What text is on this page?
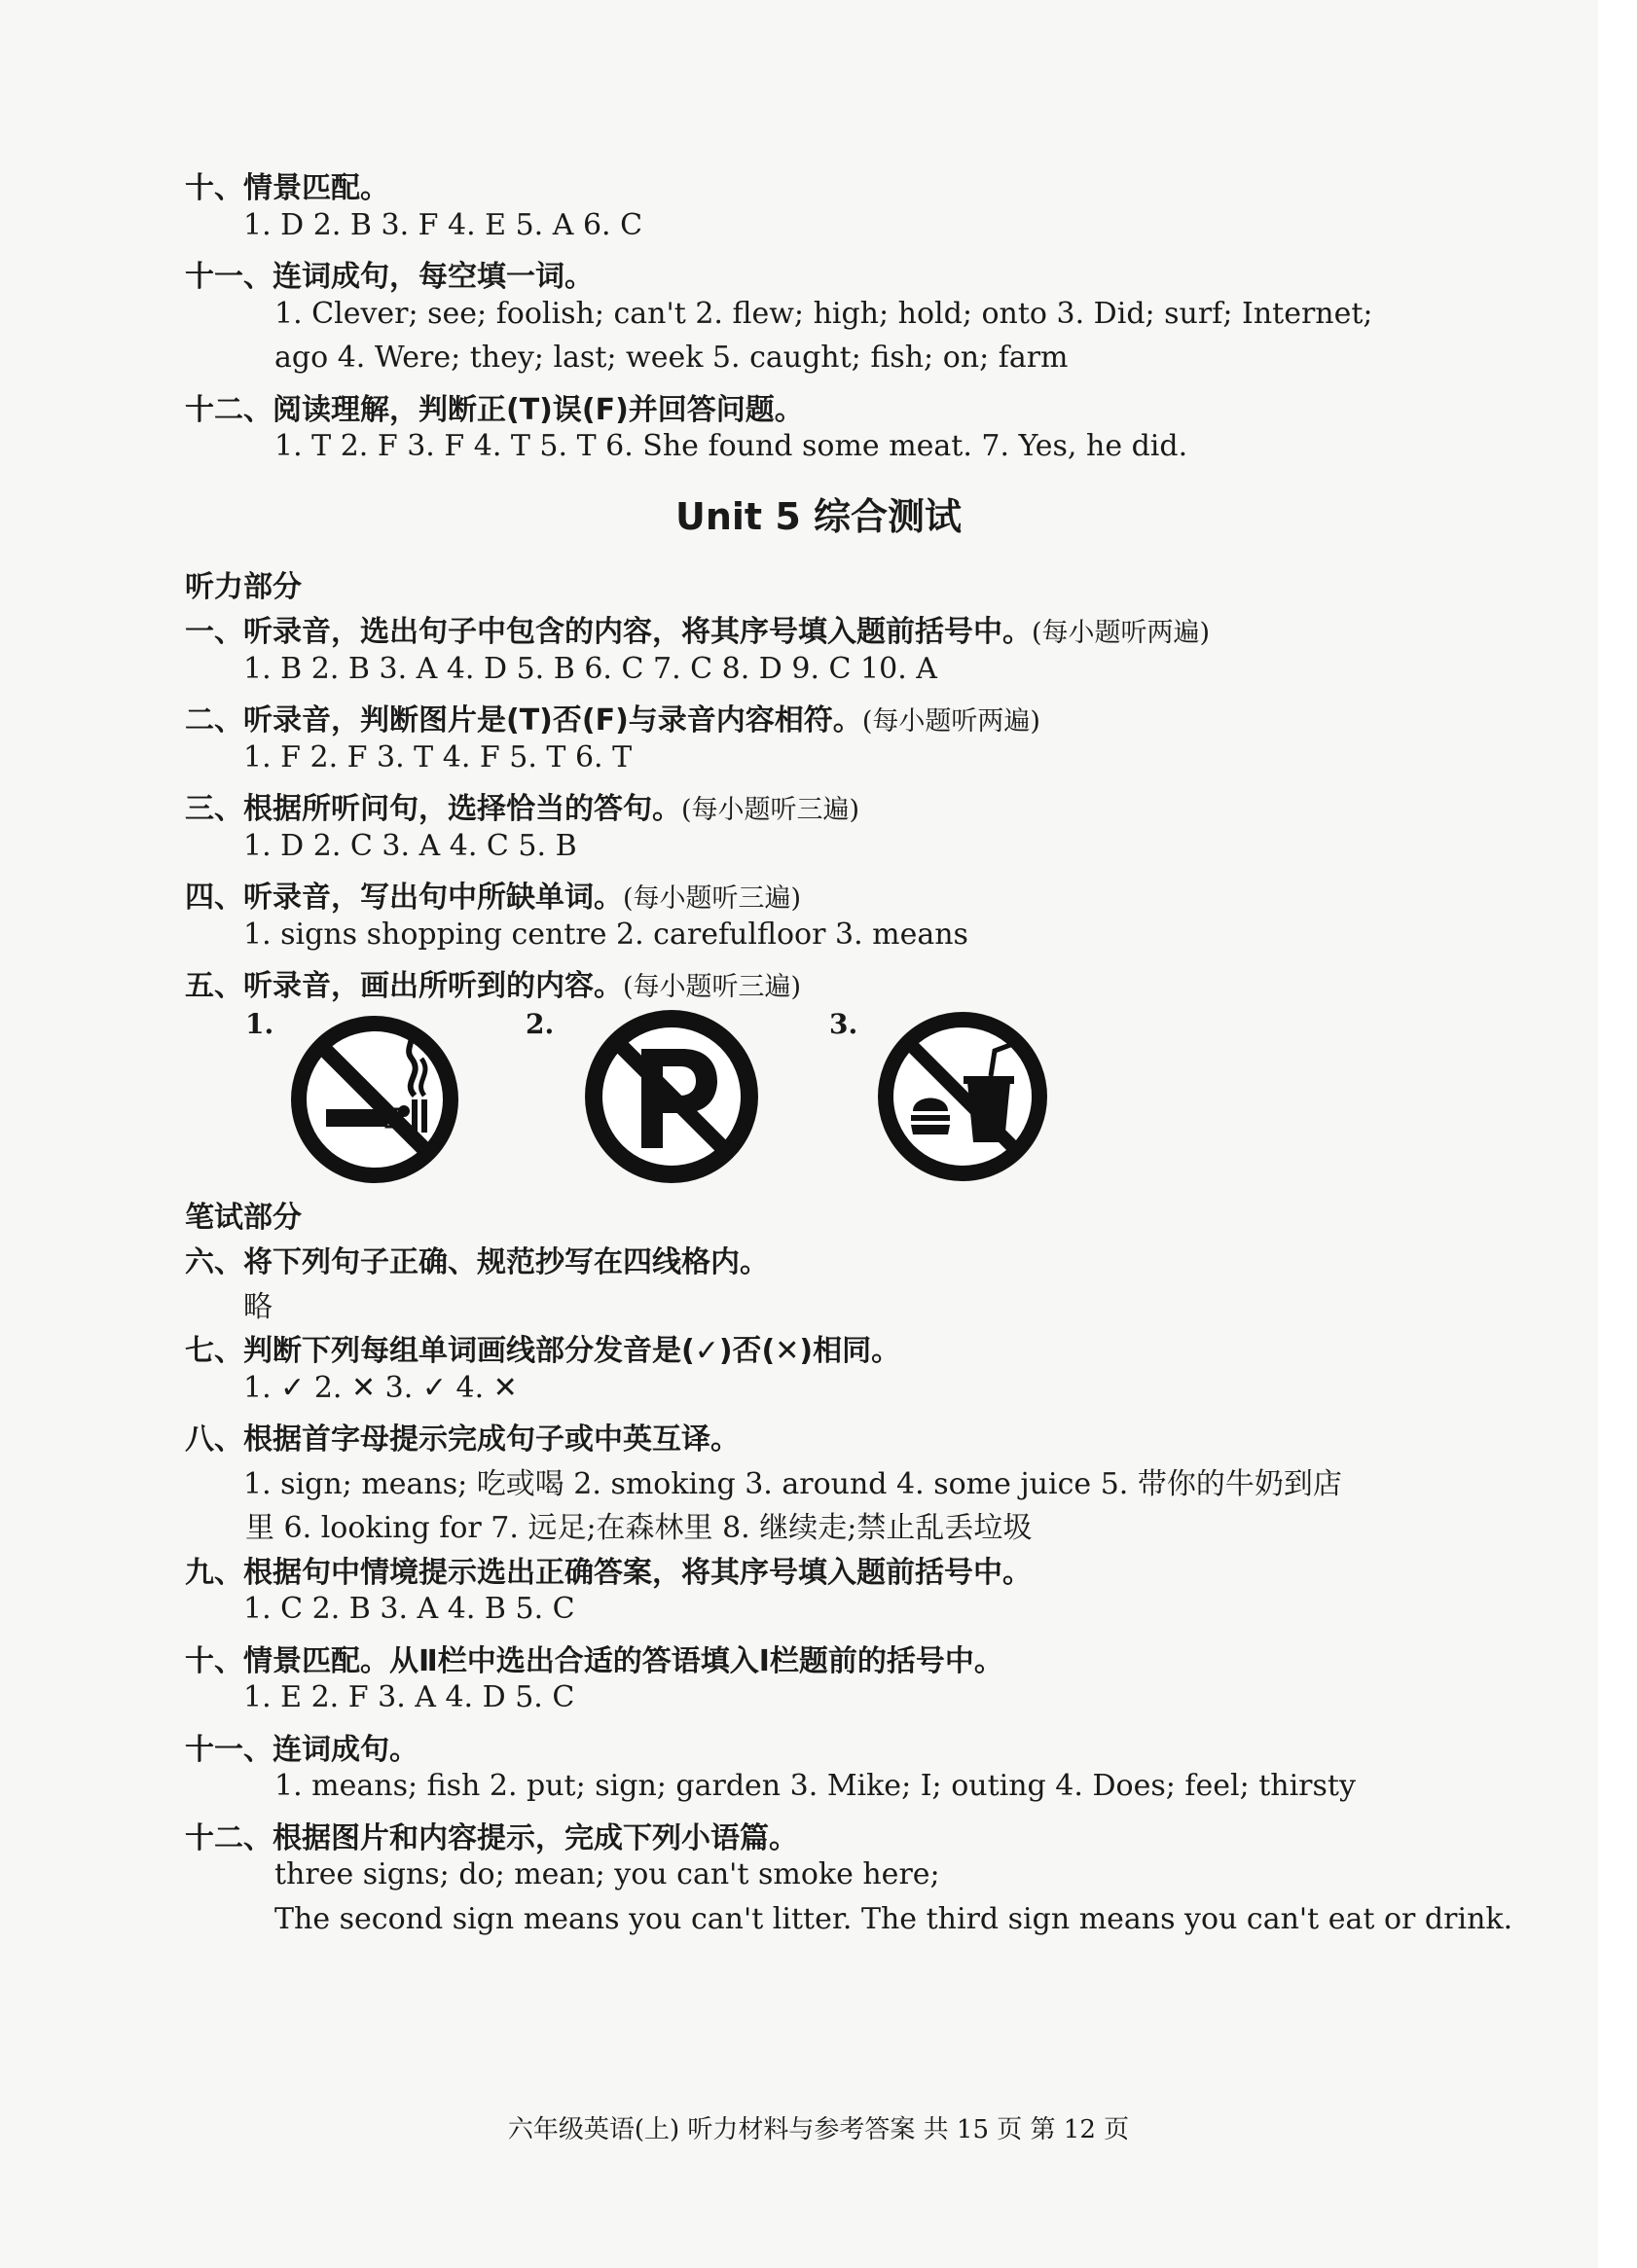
十、情景匹配。
1. D 2. B 3. F 4. E 5. A 6. C
十一、连词成句，每空填一词。
1. Clever; see; foolish; can't 2. flew; high; hold; onto 3. Did; surf; Internet;
ago 4. Were; they; last; week 5. caught; fish; on; farm
十二、阅读理解，判断正(T)误(F)并回答问题。
1. T 2. F 3. F 4. T 5. T 6. She found some meat. 7. Yes, he did.
Unit 5 综合测试
听力部分
一、听录音，选出句子中包含的内容，将其序号填入题前括号中。(每小题听两遍)
1. B 2. B 3. A 4. D 5. B 6. C 7. C 8. D 9. C 10. A
二、听录音，判断图片是(T)否(F)与录音内容相符。(每小题听两遍)
1. F 2. F 3. T 4. F 5. T 6. T
三、根据所听问句，选择恰当的答句。(每小题听三遍)
1. D 2. C 3. A 4. C 5. B
四、听录音，写出句中所缺单词。(每小题听三遍)
1. signs shopping centre 2. carefulfloor 3. means
五、听录音，画出所听到的内容。(每小题听三遍)
1.	2.	3.
笔试部分
六、将下列句子正确、规范抄写在四线格内。
略
七、判断下列每组单词画线部分发音是(✓)否(✕)相同。
1. ✓ 2. ✕ 3. ✓ 4. ✕
八、根据首字母提示完成句子或中英互译。
1. sign; means; 吃或喝 2. smoking 3. around 4. some juice 5. 带你的牛奶到店
里 6. looking for 7. 远足;在森林里 8. 继续走;禁止乱丢垃圾
九、根据句中情境提示选出正确答案，将其序号填入题前括号中。
1. C 2. B 3. A 4. B 5. C
十、情景匹配。从Ⅱ栏中选出合适的答语填入Ⅰ栏题前的括号中。
1. E 2. F 3. A 4. D 5. C
十一、连词成句。
1. means; fish 2. put; sign; garden 3. Mike; I; outing 4. Does; feel; thirsty
十二、根据图片和内容提示，完成下列小语篇。
three signs; do; mean; you can't smoke here;
The second sign means you can't litter. The third sign means you can't eat or drink.
六年级英语(上) 听力材料与参考答案 共 15 页 第 12 页
